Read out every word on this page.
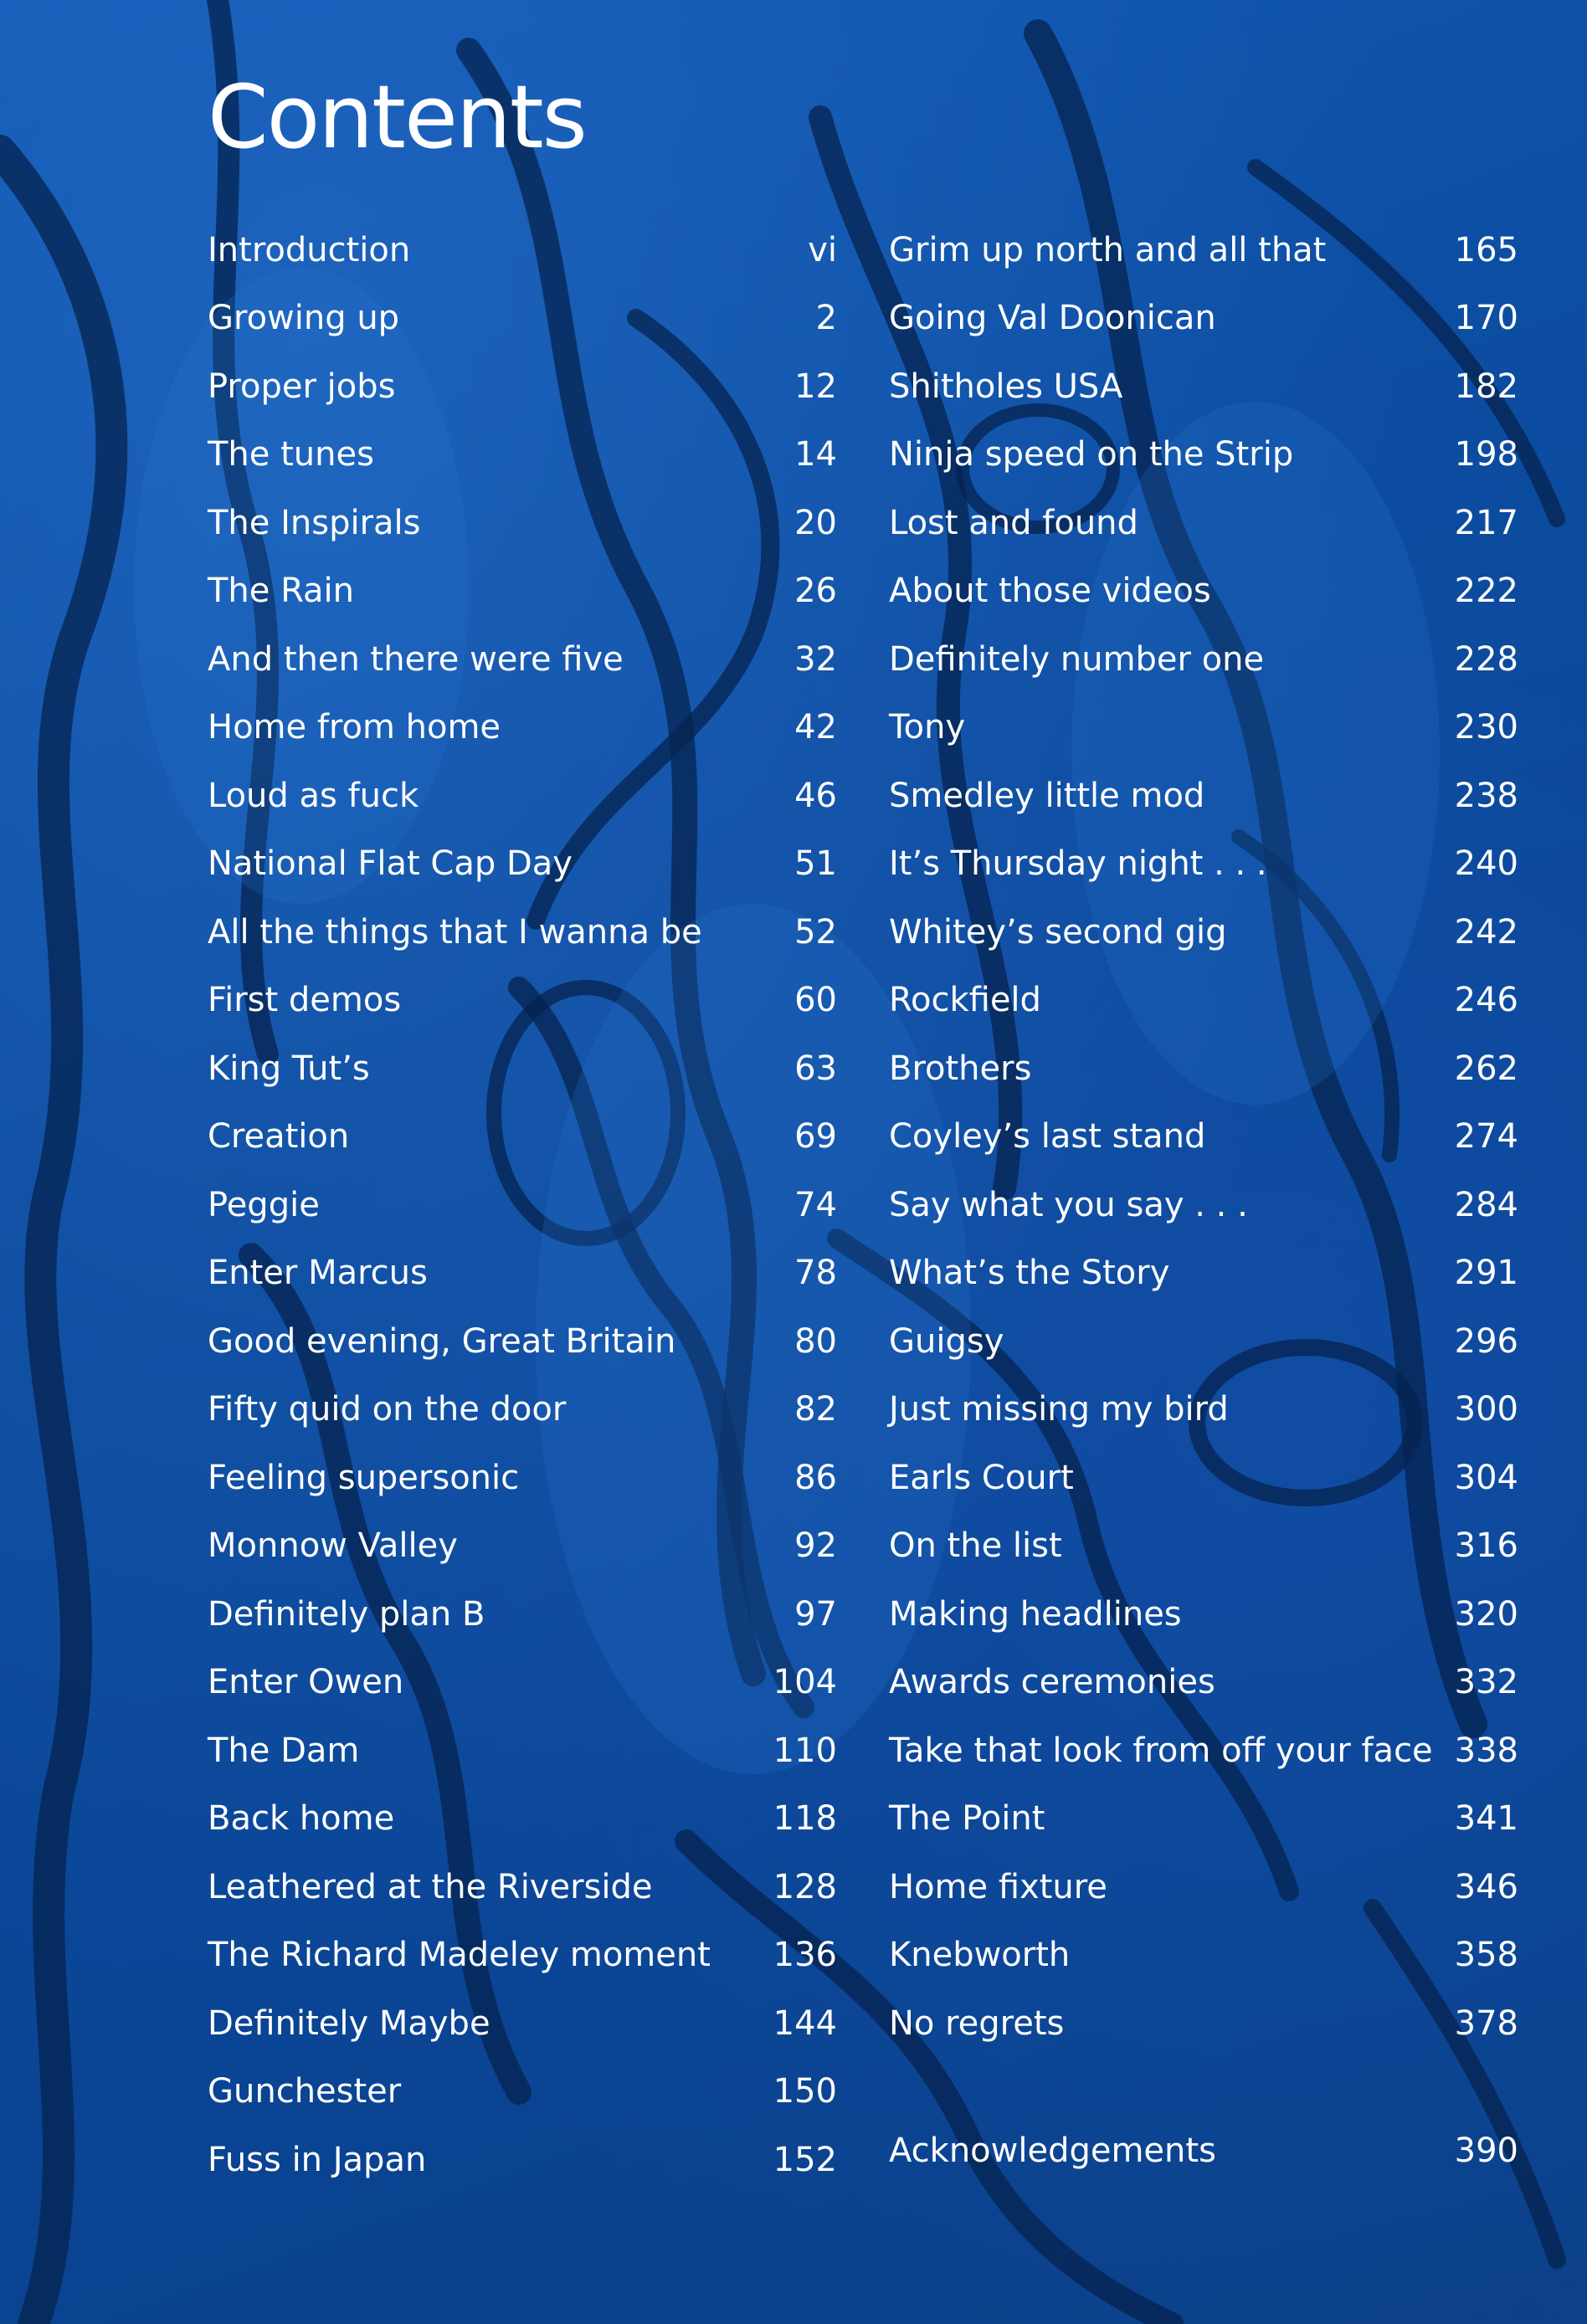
Contents
Introduction	vi
Growing up	2
Proper jobs	12
The tunes	14
The Inspirals	20
The Rain	26
And then there were five	32
Home from home	42
Loud as fuck	46
National Flat Cap Day	51
All the things that I wanna be	52
First demos	60
King Tut’s	63
Creation	69
Peggie	74
Enter Marcus	78
Good evening, Great Britain	80
Fifty quid on the door	82
Feeling supersonic	86
Monnow Valley	92
Definitely plan B	97
Enter Owen	104
The Dam	110
Back home	118
Leathered at the Riverside	128
The Richard Madeley moment 136
Definitely Maybe	144
Gunchester	150
Fuss in Japan	152
Grim up north and all that	165
Going Val Doonican	170
Shitholes USA	182
Ninja speed on the Strip	198
Lost and found	217
About those videos	222
Definitely number one	228
Tony	230
Smedley little mod	238
It’s Thursday night . . .	240
Whitey’s second gig	242
Rockfield	246
Brothers	262
Coyley’s last stand	274
Say what you say . . .	284
What’s the Story	291
Guigsy	296
Just missing my bird	300
Earls Court	304
On the list	316
Making headlines	320
Awards ceremonies	332
Take that look from off your face 338
The Point	341
Home fixture	346
Knebworth	358
No regrets	378
Acknowledgements	390
